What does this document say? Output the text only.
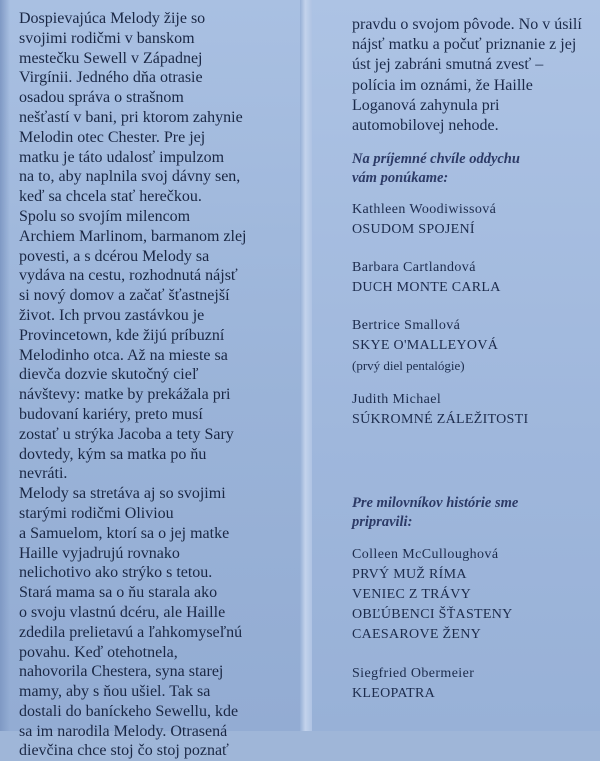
Dospievajúca Melody žije so
svojimi rodičmi v banskom
mestečku Sewell v Západnej
Virgínii. Jedného dňa otrasie
osadou správa o strašnom
nešťastí v bani, pri ktorom zahynie
Melodin otec Chester. Pre jej
matku je táto udalosť impulzom
na to, aby naplnila svoj dávny sen,
keď sa chcela stať herečkou.
Spolu so svojím milencom
Archiem Marlinom, barmanom zlej
povesti, a s dcérou Melody sa
vydáva na cestu, rozhodnutá nájsť
si nový domov a začať šťastnejší
život. Ich prvou zastávkou je
Provincetown, kde žijú príbuzní
Melodinho otca. Až na mieste sa
dievča dozvie skutočný cieľ
návštevy: matke by prekážala pri
budovaní kariéry, preto musí
zostať u strýka Jacoba a tety Sary
dovtedy, kým sa matka po ňu
nevráti.
Melody sa stretáva aj so svojimi
starými rodičmi Oliviou
a Samuelom, ktorí sa o jej matke
Haille vyjadrujú rovnako
nelichotivo ako strýko s tetou.
Stará mama sa o ňu starala ako
o svoju vlastnú dcéru, ale Haille
zdedila prelietavú a ľahkomyseľnú
povahu. Keď otehotnela,
nahovorila Chestera, syna starej
mamy, aby s ňou ušiel. Tak sa
dostali do baníckeho Sewellu, kde
sa im narodila Melody. Otrasená
dievčina chce stoj čo stoj poznať
pravdu o svojom pôvode. No v úsilí
nájsť matku a počuť priznanie z jej
úst jej zabráni smutná zvesť –
polícia im oznámi, že Haille
Loganová zahynula pri
automobilovej nehode.
Na príjemné chvíle oddychu
vám ponúkame:
Kathleen Woodiwissová
OSUDOM SPOJENÍ
Barbara Cartlandová
DUCH MONTE CARLA
Bertrice Smallová
SKYE O'MALLEYOVÁ
(prvý diel pentalógie)
Judith Michael
SÚKROMNÉ ZÁLEŽITOSTI
Pre milovníkov histórie sme
pripravili:
Colleen McCulloughová
PRVÝ MUŽ RÍMA
VENIEC Z TRÁVY
OBĽÚBENCI ŠŤASTENY
CAESAROVE ŽENY
Siegfried Obermeier
KLEOPATRA
